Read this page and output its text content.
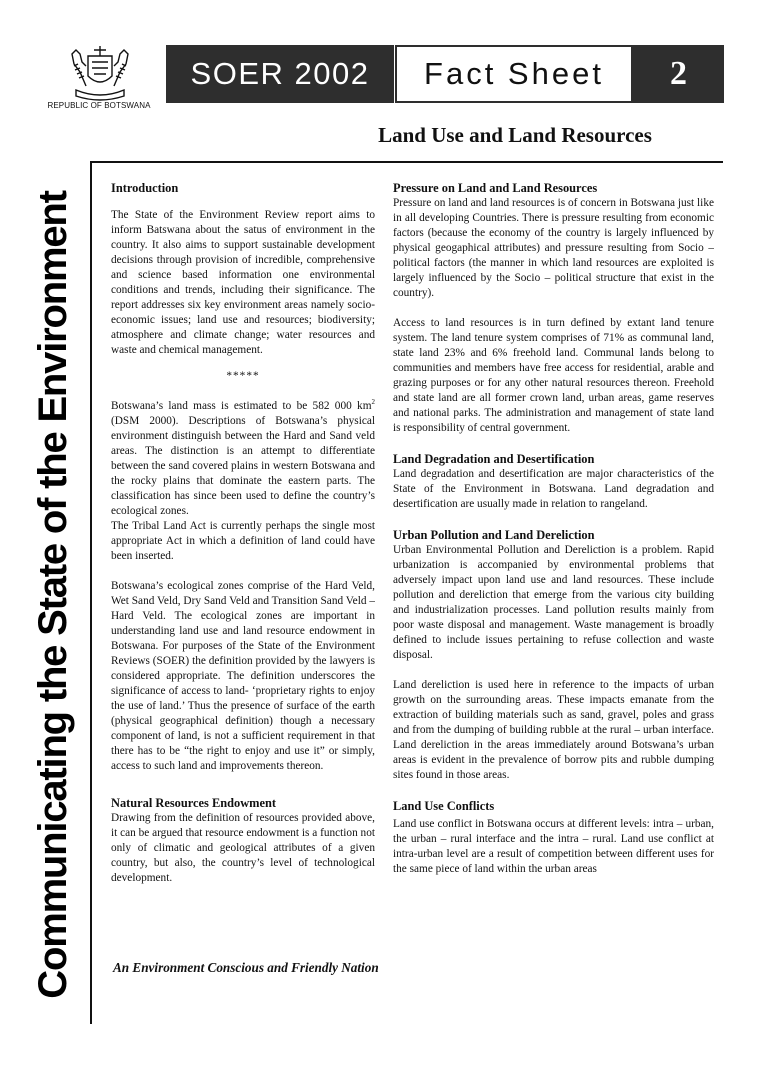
REPUBLIC OF BOTSWANA
SOER 2002	Fact Sheet	2
Land Use and Land Resources
Communicating the State of the Environment
Introduction

The State of the Environment Review report aims to inform Batswana about the satus of environment in the country. It also aims to support sustainable development decisions through provision of incredible, comprehensive and science based information one environmental conditions and trends, including their significance. The report addresses six key environment areas namely socio-economic issues; land use and resources; biodiversity; atmosphere and climate change; water resources and waste and chemical management.

*****

Botswana’s land mass is estimated to be 582 000 $km^2$ (DSM 2000). Descriptions of Botswana’s physical environment distinguish between the Hard and Sand veld areas. The distinction is an attempt to differentiate between the sand covered plains in western Botswana and the rocky plains that dominate the eastern parts. The classification has since been used to define the country’s ecological zones.

The Tribal Land Act is currently perhaps the single most appropriate Act in which a definition of land could have been inserted.

Botswana’s ecological zones comprise of the Hard Veld, Wet Sand Veld, Dry Sand Veld and Transition Sand Veld – Hard Veld. The ecological zones are important in understanding land use and land resource endowment in Botswana. For purposes of the State of the Environment Reviews (SOER) the definition provided by the lawyers is considered appropriate. The definition underscores the significance of access to land- ‘proprietary rights to enjoy the use of land.’ Thus the presence of surface of the earth (physical geographical definition) though a necessary component of land, is not a sufficient requirement in that there has to be “the right to enjoy and use it” or simply, access to such land and improvements thereon.

Natural Resources Endowment

Drawing from the definition of resources provided above, it can be argued that resource endowment is a function not only of climatic and geological attributes of a given country, but also, the country’s level of technological development.

Pressure on Land and Land Resources

Pressure on land and land resources is of concern in Botswana just like in all developing Countries. There is pressure resulting from economic factors (because the economy of the country is largely influenced by physical geogaphical attributes) and pressure resulting from Socio – political factors (the manner in which land resources are exploited is largely influenced by the Socio – political structure that exist in the country).

Access to land resources is in turn defined by extant land tenure system. The land tenure system comprises of 71% as communal land, state land 23% and 6% freehold land. Communal lands belong to communities and members have free access for residential, arable and grazing purposes or for any other natural resources thereon. Freehold and state land are all former crown land, urban areas, game reserves and national parks. The administration and management of state land is responsibility of central government.

Land Degradation and Desertification

Land degradation and desertification are major characteristics of the State of the Environment in Botswana. Land degradation and desertification are usually made in relation to rangeland.

Urban Pollution and Land Dereliction

Urban Environmental Pollution and Dereliction is a problem. Rapid urbanization is accompanied by environmental problems that adversely impact upon land use and land resources. These include pollution and dereliction that emerge from the various city building and industrialization processes. Land pollution results mainly from poor waste disposal and management. Waste management is broadly defined to include issues pertaining to refuse collection and waste disposal.

Land dereliction is used here in reference to the impacts of urban growth on the surrounding areas. These impacts emanate from the extraction of building materials such as sand, gravel, poles and grass and from the dumping of building rubble at the rural – urban interface. Land dereliction in the areas immediately around Botswana’s urban areas is evident in the prevalence of borrow pits and rubble dumping sites found in those areas.

Land Use Conflicts

Land use conflict in Botswana occurs at different levels: intra – urban, the urban – rural interface and the intra – rural. Land use conflict at intra-urban level are a result of competition between different uses for the same piece of land within the urban areas

An Environment Conscious and Friendly Nation
